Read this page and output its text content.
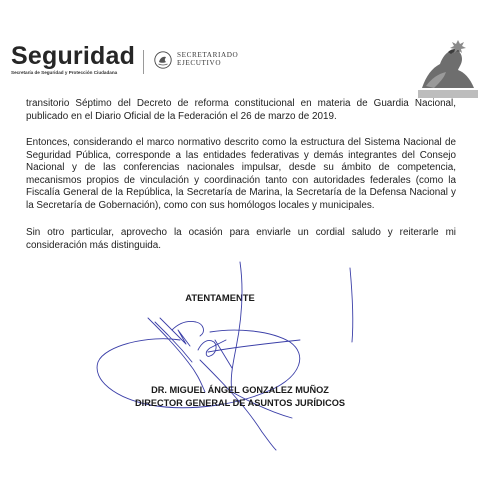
Seguridad
Secretaría de Seguridad y Protección Ciudadana
SECRETARIADO
EJECUTIVO

transitorio Séptimo del Decreto de reforma constitucional en materia de Guardia Nacional, publicado en el Diario Oficial de la Federación el 26 de marzo de 2019.

Entonces, considerando el marco normativo descrito como la estructura del Sistema Nacional de Seguridad Pública, corresponde a las entidades federativas y demás integrantes del Consejo Nacional y de las conferencias nacionales impulsar, desde su ámbito de competencia, mecanismos propios de vinculación y coordinación tanto con autoridades federales (como la Fiscalía General de la República, la Secretaría de Marina, la Secretaría de la Defensa Nacional y la Secretaría de Gobernación), como con sus homólogos locales y municipales.

Sin otro particular, aprovecho la ocasión para enviarle un cordial saludo y reiterarle mi consideración más distinguida.

ATENTAMENTE
DR. MIGUEL ÁNGEL GONZALEZ MUÑOZ
DIRECTOR GENERAL DE ASUNTOS JURÍDICOS
